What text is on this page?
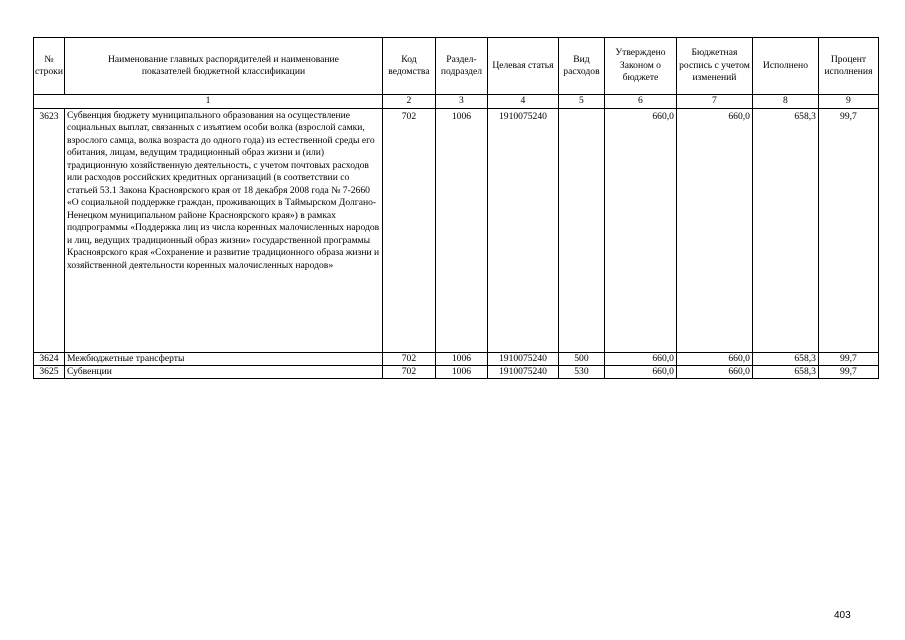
№ строки	Наименование главных распорядителей и наименование показателей бюджетной классификации	Код ведомства	Раздел-подраздел	Целевая статья	Вид расходов	Утверждено Законом о бюджете	Бюджетная роспись с учетом изменений	Исполнено	Процент исполнения
1		2	3	4	5	6	7	8	9
3623	Субвенция бюджету муниципального образования на осуществление социальных выплат, связанных с изъятием особи волка (взрослой самки, взрослого самца, волка возраста до одного года) из естественной среды его обитания, лицам, ведущим традиционный образ жизни и (или) традиционную хозяйственную деятельность, с учетом почтовых расходов или расходов российских кредитных организаций (в соответствии со статьей 53.1 Закона Красноярского края от 18 декабря 2008 года № 7-2660 «О социальной поддержке граждан, проживающих в Таймырском Долгано-Ненецком муниципальном районе Красноярского края») в рамках подпрограммы «Поддержка лиц из числа коренных малочисленных народов и лиц, ведущих традиционный образ жизни» государственной программы Красноярского края «Сохранение и развитие традиционного образа жизни и хозяйственной деятельности коренных малочисленных народов»	702	1006	1910075240		660,0	660,0	658,3	99,7
3624	Межбюджетные трансферты	702	1006	1910075240	500	660,0	660,0	658,3	99,7
3625	Субвенции	702	1006	1910075240	530	660,0	660,0	658,3	99,7
403
